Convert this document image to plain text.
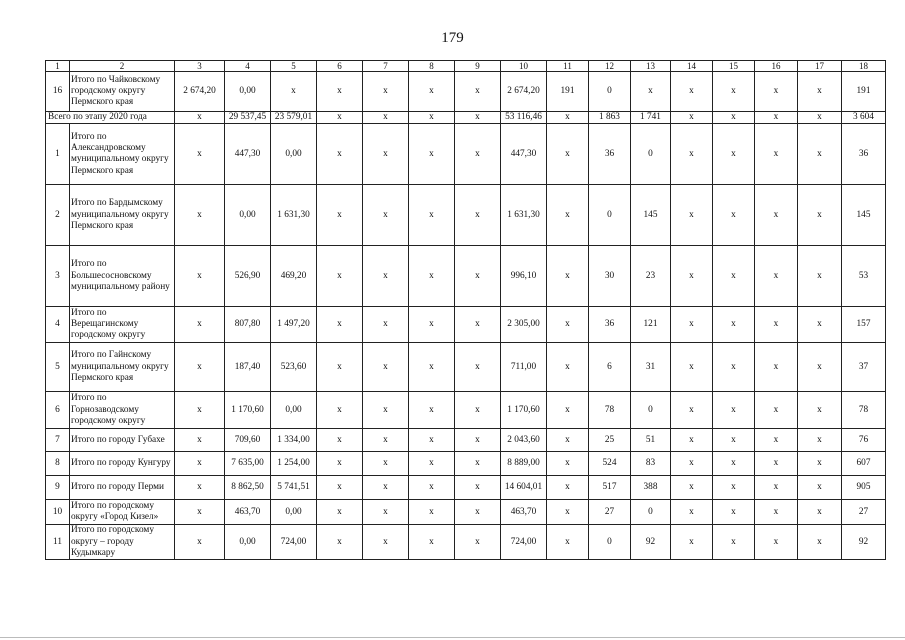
179
1	2	3	4	5	6	7	8	9	10	11	12	13	14	15	16	17	18
16	Итого по Чайковскому городскому округу Пермского края	2 674,20	0,00	x	x	x	x	x	2 674,20	191	0	x	x	x	x	x	191
Всего по этапу 2020 года		x	29 537,45	23 579,01	x	x	x	x	53 116,46	x	1 863	1 741	x	x	x	x	3 604
1	Итого по Александровскому муниципальному округу Пермского края	x	447,30	0,00	x	x	x	x	447,30	x	36	0	x	x	x	x	36
2	Итого по Бардымскому муниципальному округу Пермского края	x	0,00	1 631,30	x	x	x	x	1 631,30	x	0	145	x	x	x	x	145
3	Итого по Большесосновскому муниципальному району	x	526,90	469,20	x	x	x	x	996,10	x	30	23	x	x	x	x	53
4	Итого по Верещагинскому городскому округу	x	807,80	1 497,20	x	x	x	x	2 305,00	x	36	121	x	x	x	x	157
5	Итого по Гайнскому муниципальному округу Пермского края	x	187,40	523,60	x	x	x	x	711,00	x	6	31	x	x	x	x	37
6	Итого по Горнозаводскому городскому округу	x	1 170,60	0,00	x	x	x	x	1 170,60	x	78	0	x	x	x	x	78
7	Итого по городу Губахе	x	709,60	1 334,00	x	x	x	x	2 043,60	x	25	51	x	x	x	x	76
8	Итого по городу Кунгуру	x	7 635,00	1 254,00	x	x	x	x	8 889,00	x	524	83	x	x	x	x	607
9	Итого по городу Перми	x	8 862,50	5 741,51	x	x	x	x	14 604,01	x	517	388	x	x	x	x	905
10	Итого по городскому округу «Город Кизел»	x	463,70	0,00	x	x	x	x	463,70	x	27	0	x	x	x	x	27
11	Итого по городскому округу – городу Кудымкару	x	0,00	724,00	x	x	x	x	724,00	x	0	92	x	x	x	x	92
